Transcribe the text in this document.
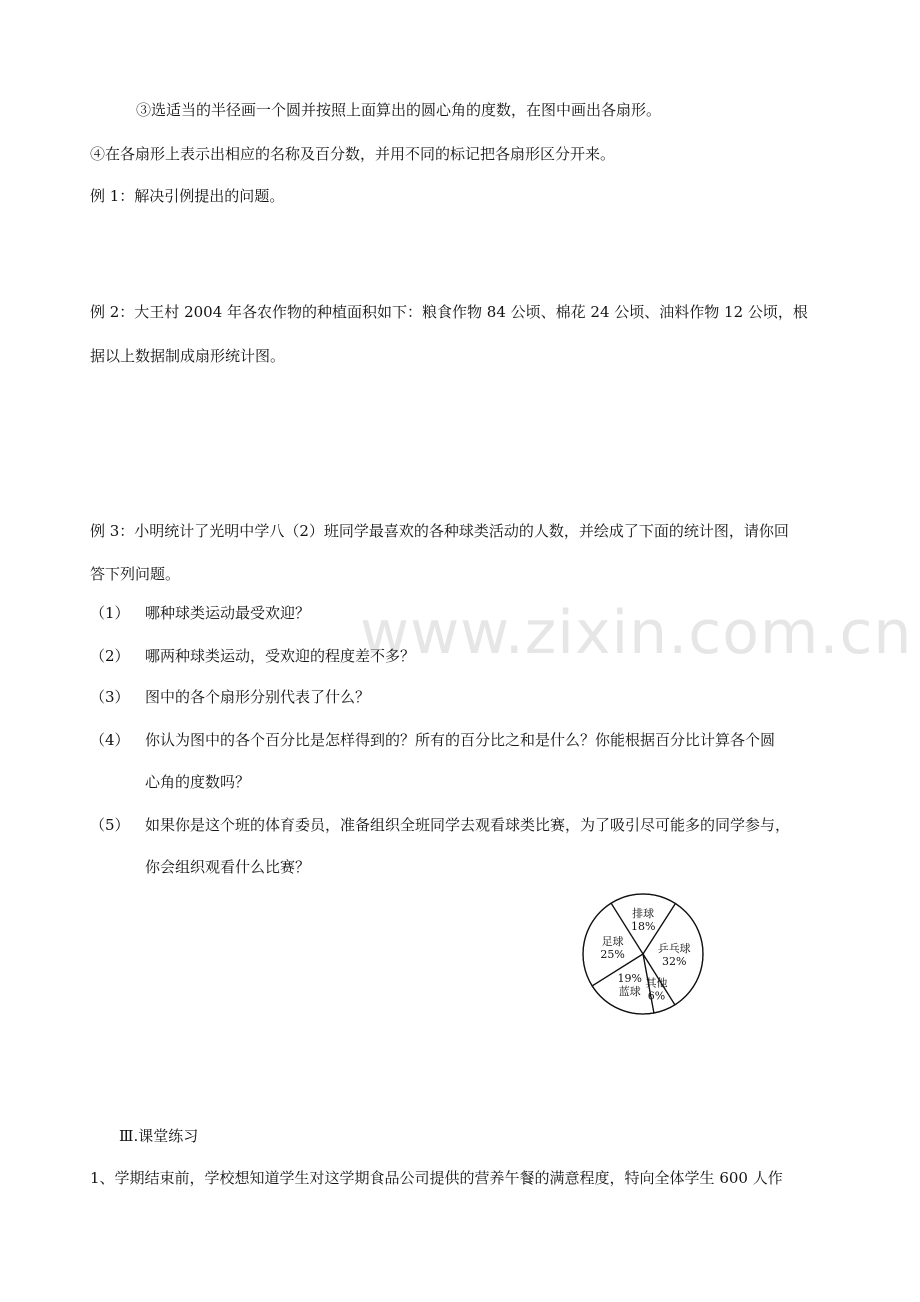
③选适当的半径画一个圆并按照上面算出的圆心角的度数，在图中画出各扇形。
④在各扇形上表示出相应的名称及百分数，并用不同的标记把各扇形区分开来。
例 1：解决引例提出的问题。
例 2：大王村 2004 年各农作物的种植面积如下：粮食作物 84 公顷、棉花 24 公顷、油料作物 12 公顷，根
据以上数据制成扇形统计图。
例 3：小明统计了光明中学八（2）班同学最喜欢的各种球类活动的人数，并绘成了下面的统计图，请你回
答下列问题。
www.zixin.com.cn
（1） 哪种球类运动最受欢迎？
（2） 哪两种球类运动，受欢迎的程度差不多？
（3） 图中的各个扇形分别代表了什么？
（4） 你认为图中的各个百分比是怎样得到的？所有的百分比之和是什么？你能根据百分比计算各个圆
心角的度数吗？
（5） 如果你是这个班的体育委员，准备组织全班同学去观看球类比赛，为了吸引尽可能多的同学参与，
你会组织观看什么比赛？
乒乓球
32%
其他
6%
蓝球
19%
足球
25%
排球
18%
Ⅲ.课堂练习
1、学期结束前，学校想知道学生对这学期食品公司提供的营养午餐的满意程度，特向全体学生 600 人作
